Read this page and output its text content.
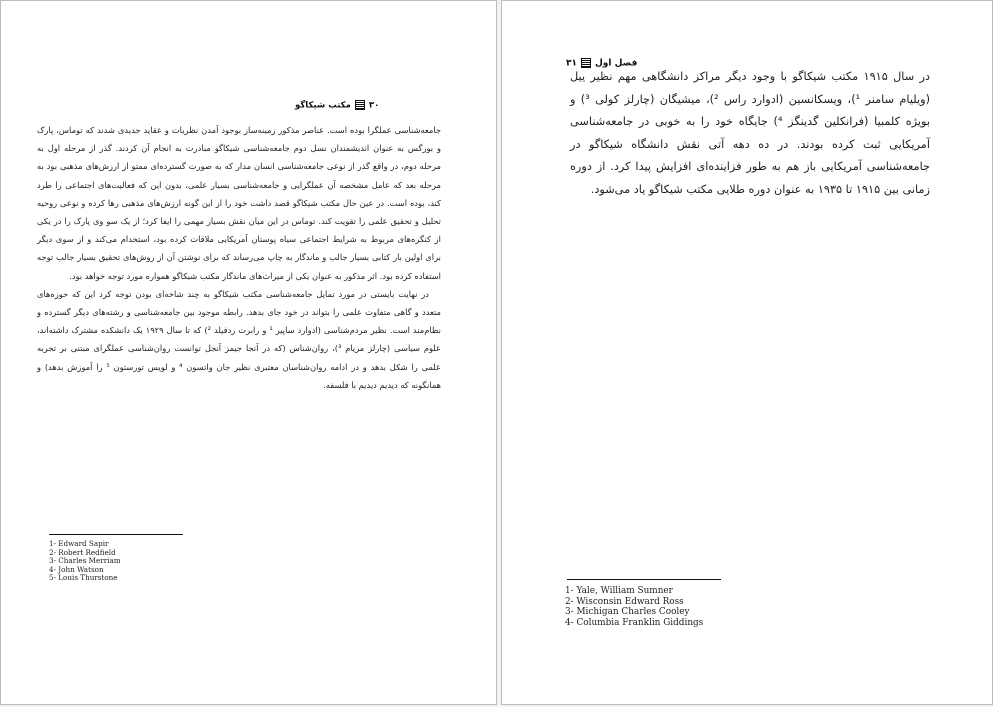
۳۰مکتب شیکاگو

جامعه‌شناسی عملگرا بوده است. عناصر مذکور زمینه‌ساز بوجود آمدن نظریات و عقاید جدیدی شدند که توماس، پارک و بورگس به عنوان اندیشمندان نسل دوم جامعه‌شناسی شیکاگو مبادرت به انجام آن کردند. گذر از مرحله اول به مرحله دوم، در واقع گذر از نوعی جامعه‌شناسی انسان مدار که به صورت گسترده‌ای ممتو از ارزش‌های مذهبی بود به مرحله بعد که عامل مشخصه آن عملگرایی و جامعه‌شناسی بسیار علمی، بدون این که فعالیت‌های اجتماعی را طرد کند، بوده است. در عین حال مکتب شیکاگو قصد داشت خود را از این گونه ارزش‌های مذهبی رها کرده و نوعی روحیه تحلیل و تحقیق علمی را تقویت کند. توماس در این میان نقش بسیار مهمی را ایفا کرد؛ از یک سو وی پارک را در یکی از کنگره‌های مربوط به شرایط اجتماعی سیاه پوستان آمریکایی ملاقات کرده بود، استخدام می‌کند و از سوی دیگر برای اولین بار کتابی بسیار جالب و ماندگار به چاپ می‌رساند که برای نوشتن آن از روش‌های تحقیق بسیار جالب توجه استفاده کرده بود. اثر مذکور به عنوان یکی از میراث‌های ماندگار مکتب شیکاگو همواره مورد توجه خواهد بود.

در نهایت بایستی در مورد تمایل جامعه‌شناسی مکتب شیکاگو به چند شاخه‌ای بودن توجه کرد این که حوزه‌های متعدد و گاهی متفاوت علمی را بتواند در خود جای بدهد. رابطه موجود بین جامعه‌شناسی و رشته‌های دیگر گسترده و نظام‌مند است. نظیر مردم‌شناسی (ادوارد ساپیر ¹ و رابرت ردفیلد ²) که تا سال ۱۹۲۹ یک دانشکده مشترک داشته‌اند، علوم سیاسی (چارلز مریام ³)، روان‌شناس (که در آنجا جیمز آنجل توانست روان‌شناسی عملگرای مبتنی بر تجربه علمی را شکل بدهد و در ادامه روان‌شناسان معتبری نظیر جان واتسون ⁴ و لویس تورستون ⁵ را آموزش بدهد) و همانگونه که دیدیم دیدیم با فلسفه.

1- Edward Sapir
2- Robert Redfield
3- Charles Merriam
4- John Watson
5- Louis Thurstone
فصل اول۳۱

در سال ۱۹۱۵ مکتب شیکاگو با وجود دیگر مراکز دانشگاهی مهم نظیر ییل (ویلیام سامنر ¹)، ویسکانسین (ادوارد راس ²)، میشیگان (چارلز کولی ³) و بویژه کلمبیا (فرانکلین گدینگز ⁴) جایگاه خود را به خوبی در جامعه‌شناسی آمریکایی ثبت کرده بودند. در ده دهه آتی نقش دانشگاه شیکاگو در جامعه‌شناسی آمریکایی باز هم به طور فزاینده‌ای افزایش پیدا کرد. از دوره زمانی بین ۱۹۱۵ تا ۱۹۳۵ به عنوان دوره طلایی مکتب شیکاگو یاد می‌شود.

1- Yale, William Sumner
2- Wisconsin Edward Ross
3- Michigan Charles Cooley
4- Columbia Franklin Giddings
